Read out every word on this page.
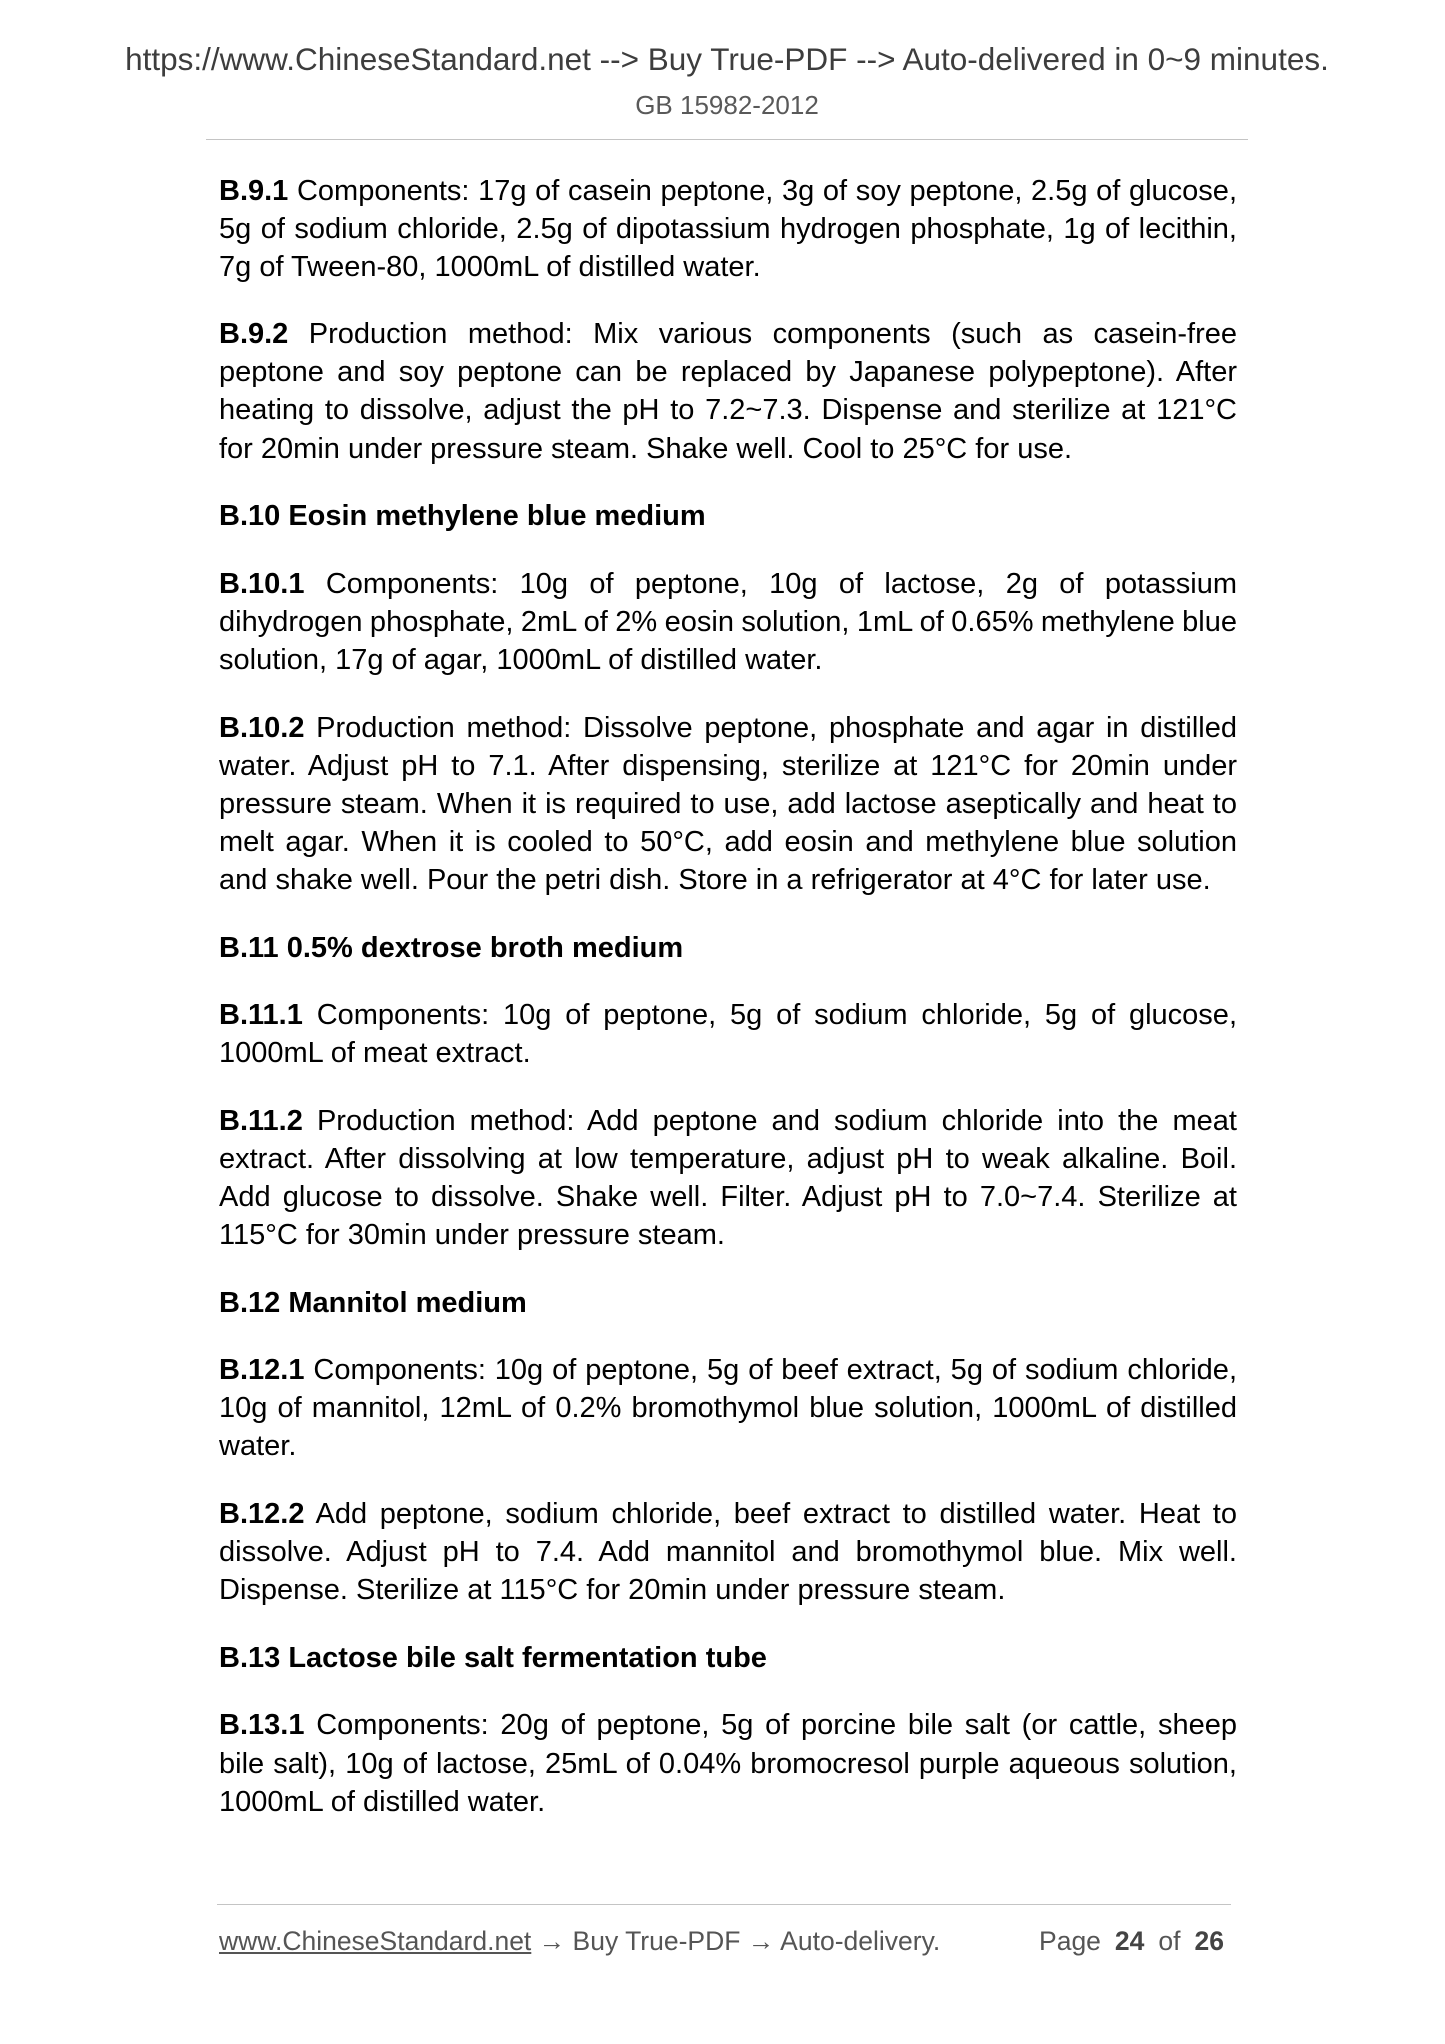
https://www.ChineseStandard.net --> Buy True-PDF --> Auto-delivered in 0~9 minutes.
GB 15982-2012
B.9.1 Components: 17g of casein peptone, 3g of soy peptone, 2.5g of glucose,
5g of sodium chloride, 2.5g of dipotassium hydrogen phosphate, 1g of lecithin,
7g of Tween-80, 1000mL of distilled water.
B.9.2 Production method: Mix various components (such as casein-free
peptone and soy peptone can be replaced by Japanese polypeptone). After
heating to dissolve, adjust the pH to 7.2~7.3. Dispense and sterilize at 121°C
for 20min under pressure steam. Shake well. Cool to 25°C for use.
B.10 Eosin methylene blue medium
B.10.1 Components: 10g of peptone, 10g of lactose, 2g of potassium
dihydrogen phosphate, 2mL of 2% eosin solution, 1mL of 0.65% methylene blue
solution, 17g of agar, 1000mL of distilled water.
B.10.2 Production method: Dissolve peptone, phosphate and agar in distilled
water. Adjust pH to 7.1. After dispensing, sterilize at 121°C for 20min under
pressure steam. When it is required to use, add lactose aseptically and heat to
melt agar. When it is cooled to 50°C, add eosin and methylene blue solution
and shake well. Pour the petri dish. Store in a refrigerator at 4°C for later use.
B.11 0.5% dextrose broth medium
B.11.1 Components: 10g of peptone, 5g of sodium chloride, 5g of glucose,
1000mL of meat extract.
B.11.2 Production method: Add peptone and sodium chloride into the meat
extract. After dissolving at low temperature, adjust pH to weak alkaline. Boil.
Add glucose to dissolve. Shake well. Filter. Adjust pH to 7.0~7.4. Sterilize at
115°C for 30min under pressure steam.
B.12 Mannitol medium
B.12.1 Components: 10g of peptone, 5g of beef extract, 5g of sodium chloride,
10g of mannitol, 12mL of 0.2% bromothymol blue solution, 1000mL of distilled
water.
B.12.2 Add peptone, sodium chloride, beef extract to distilled water. Heat to
dissolve. Adjust pH to 7.4. Add mannitol and bromothymol blue. Mix well.
Dispense. Sterilize at 115°C for 20min under pressure steam.
B.13 Lactose bile salt fermentation tube
B.13.1 Components: 20g of peptone, 5g of porcine bile salt (or cattle, sheep
bile salt), 10g of lactose, 25mL of 0.04% bromocresol purple aqueous solution,
1000mL of distilled water.
www.ChineseStandard.net → Buy True-PDF → Auto-delivery.	Page 24 of 26
